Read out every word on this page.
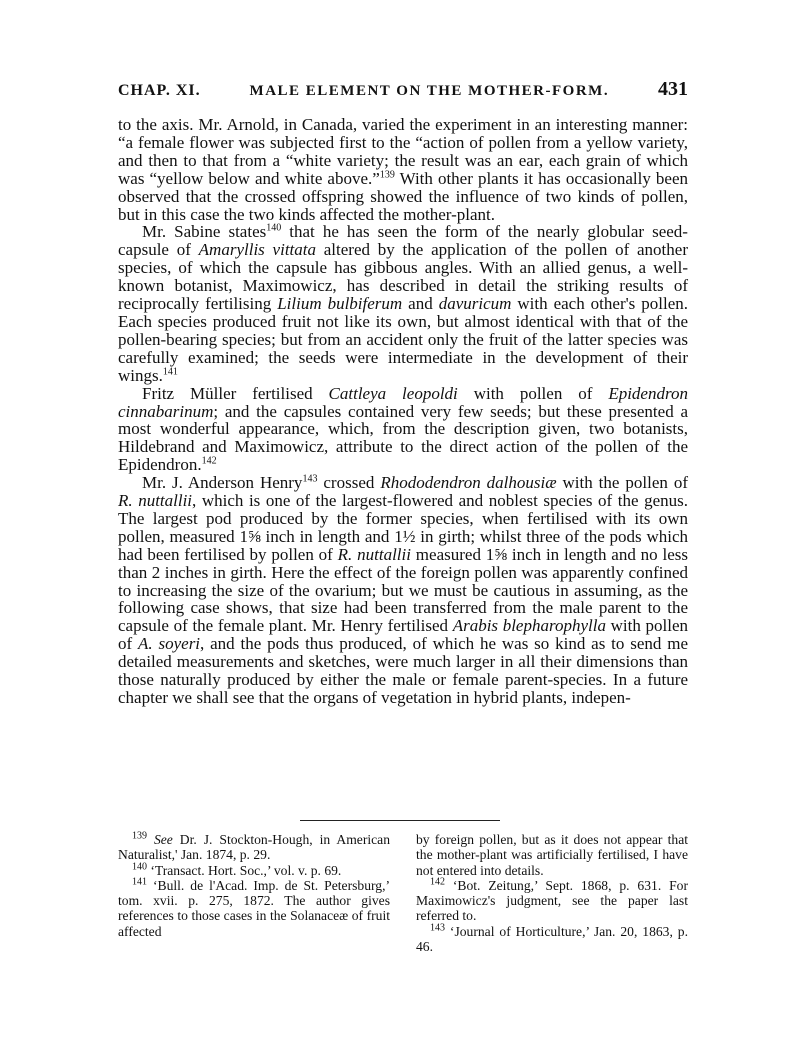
CHAP. XI.	MALE ELEMENT ON THE MOTHER-FORM. 431

to the axis. Mr. Arnold, in Canada, varied the experiment in an interesting manner: “a female flower was subjected first to the “action of pollen from a yellow variety, and then to that from a “white variety; the result was an ear, each grain of which was “yellow below and white above.”$^{139}$ With other plants it has occasionally been observed that the crossed offspring showed the influence of two kinds of pollen, but in this case the two kinds affected the mother-plant.

Mr. Sabine states$^{140}$ that he has seen the form of the nearly globular seed-capsule of Amaryllis vittata altered by the application of the pollen of another species, of which the capsule has gibbous angles. With an allied genus, a well-known botanist, Maximowicz, has described in detail the striking results of reciprocally fertilising Lilium bulbiferum and davuricum with each other's pollen. Each species produced fruit not like its own, but almost identical with that of the pollen-bearing species; but from an accident only the fruit of the latter species was carefully examined; the seeds were intermediate in the development of their wings.$^{141}$

Fritz Müller fertilised Cattleya leopoldi with pollen of Epidendron cinnabarinum; and the capsules contained very few seeds; but these presented a most wonderful appearance, which, from the description given, two botanists, Hildebrand and Maximowicz, attribute to the direct action of the pollen of the Epidendron.$^{142}$

Mr. J. Anderson Henry$^{143}$ crossed Rhododendron dalhousiæ with the pollen of R. nuttallii, which is one of the largest-flowered and noblest species of the genus. The largest pod produced by the former species, when fertilised with its own pollen, measured 1⅝ inch in length and 1½ in girth; whilst three of the pods which had been fertilised by pollen of R. nuttallii measured 1⅝ inch in length and no less than 2 inches in girth. Here the effect of the foreign pollen was apparently confined to increasing the size of the ovarium; but we must be cautious in assuming, as the following case shows, that size had been transferred from the male parent to the capsule of the female plant. Mr. Henry fertilised Arabis blepharophylla with pollen of A. soyeri, and the pods thus produced, of which he was so kind as to send me detailed measurements and sketches, were much larger in all their dimensions than those naturally produced by either the male or female parent-species. In a future chapter we shall see that the organs of vegetation in hybrid plants, indepen-

$^{139}$ See Dr. J. Stockton-Hough, in American Naturalist,' Jan. 1874, p. 29.

$^{140}$ ‘Transact. Hort. Soc.,’ vol. v. p. 69.

$^{141}$ ‘Bull. de l'Acad. Imp. de St. Petersburg,’ tom. xvii. p. 275, 1872. The author gives references to those cases in the Solanaceæ of fruit affected

by foreign pollen, but as it does not appear that the mother-plant was artificially fertilised, I have not entered into details.

$^{142}$ ‘Bot. Zeitung,’ Sept. 1868, p. 631. For Maximowicz's judgment, see the paper last referred to.

$^{143}$ ‘Journal of Horticulture,’ Jan. 20, 1863, p. 46.
